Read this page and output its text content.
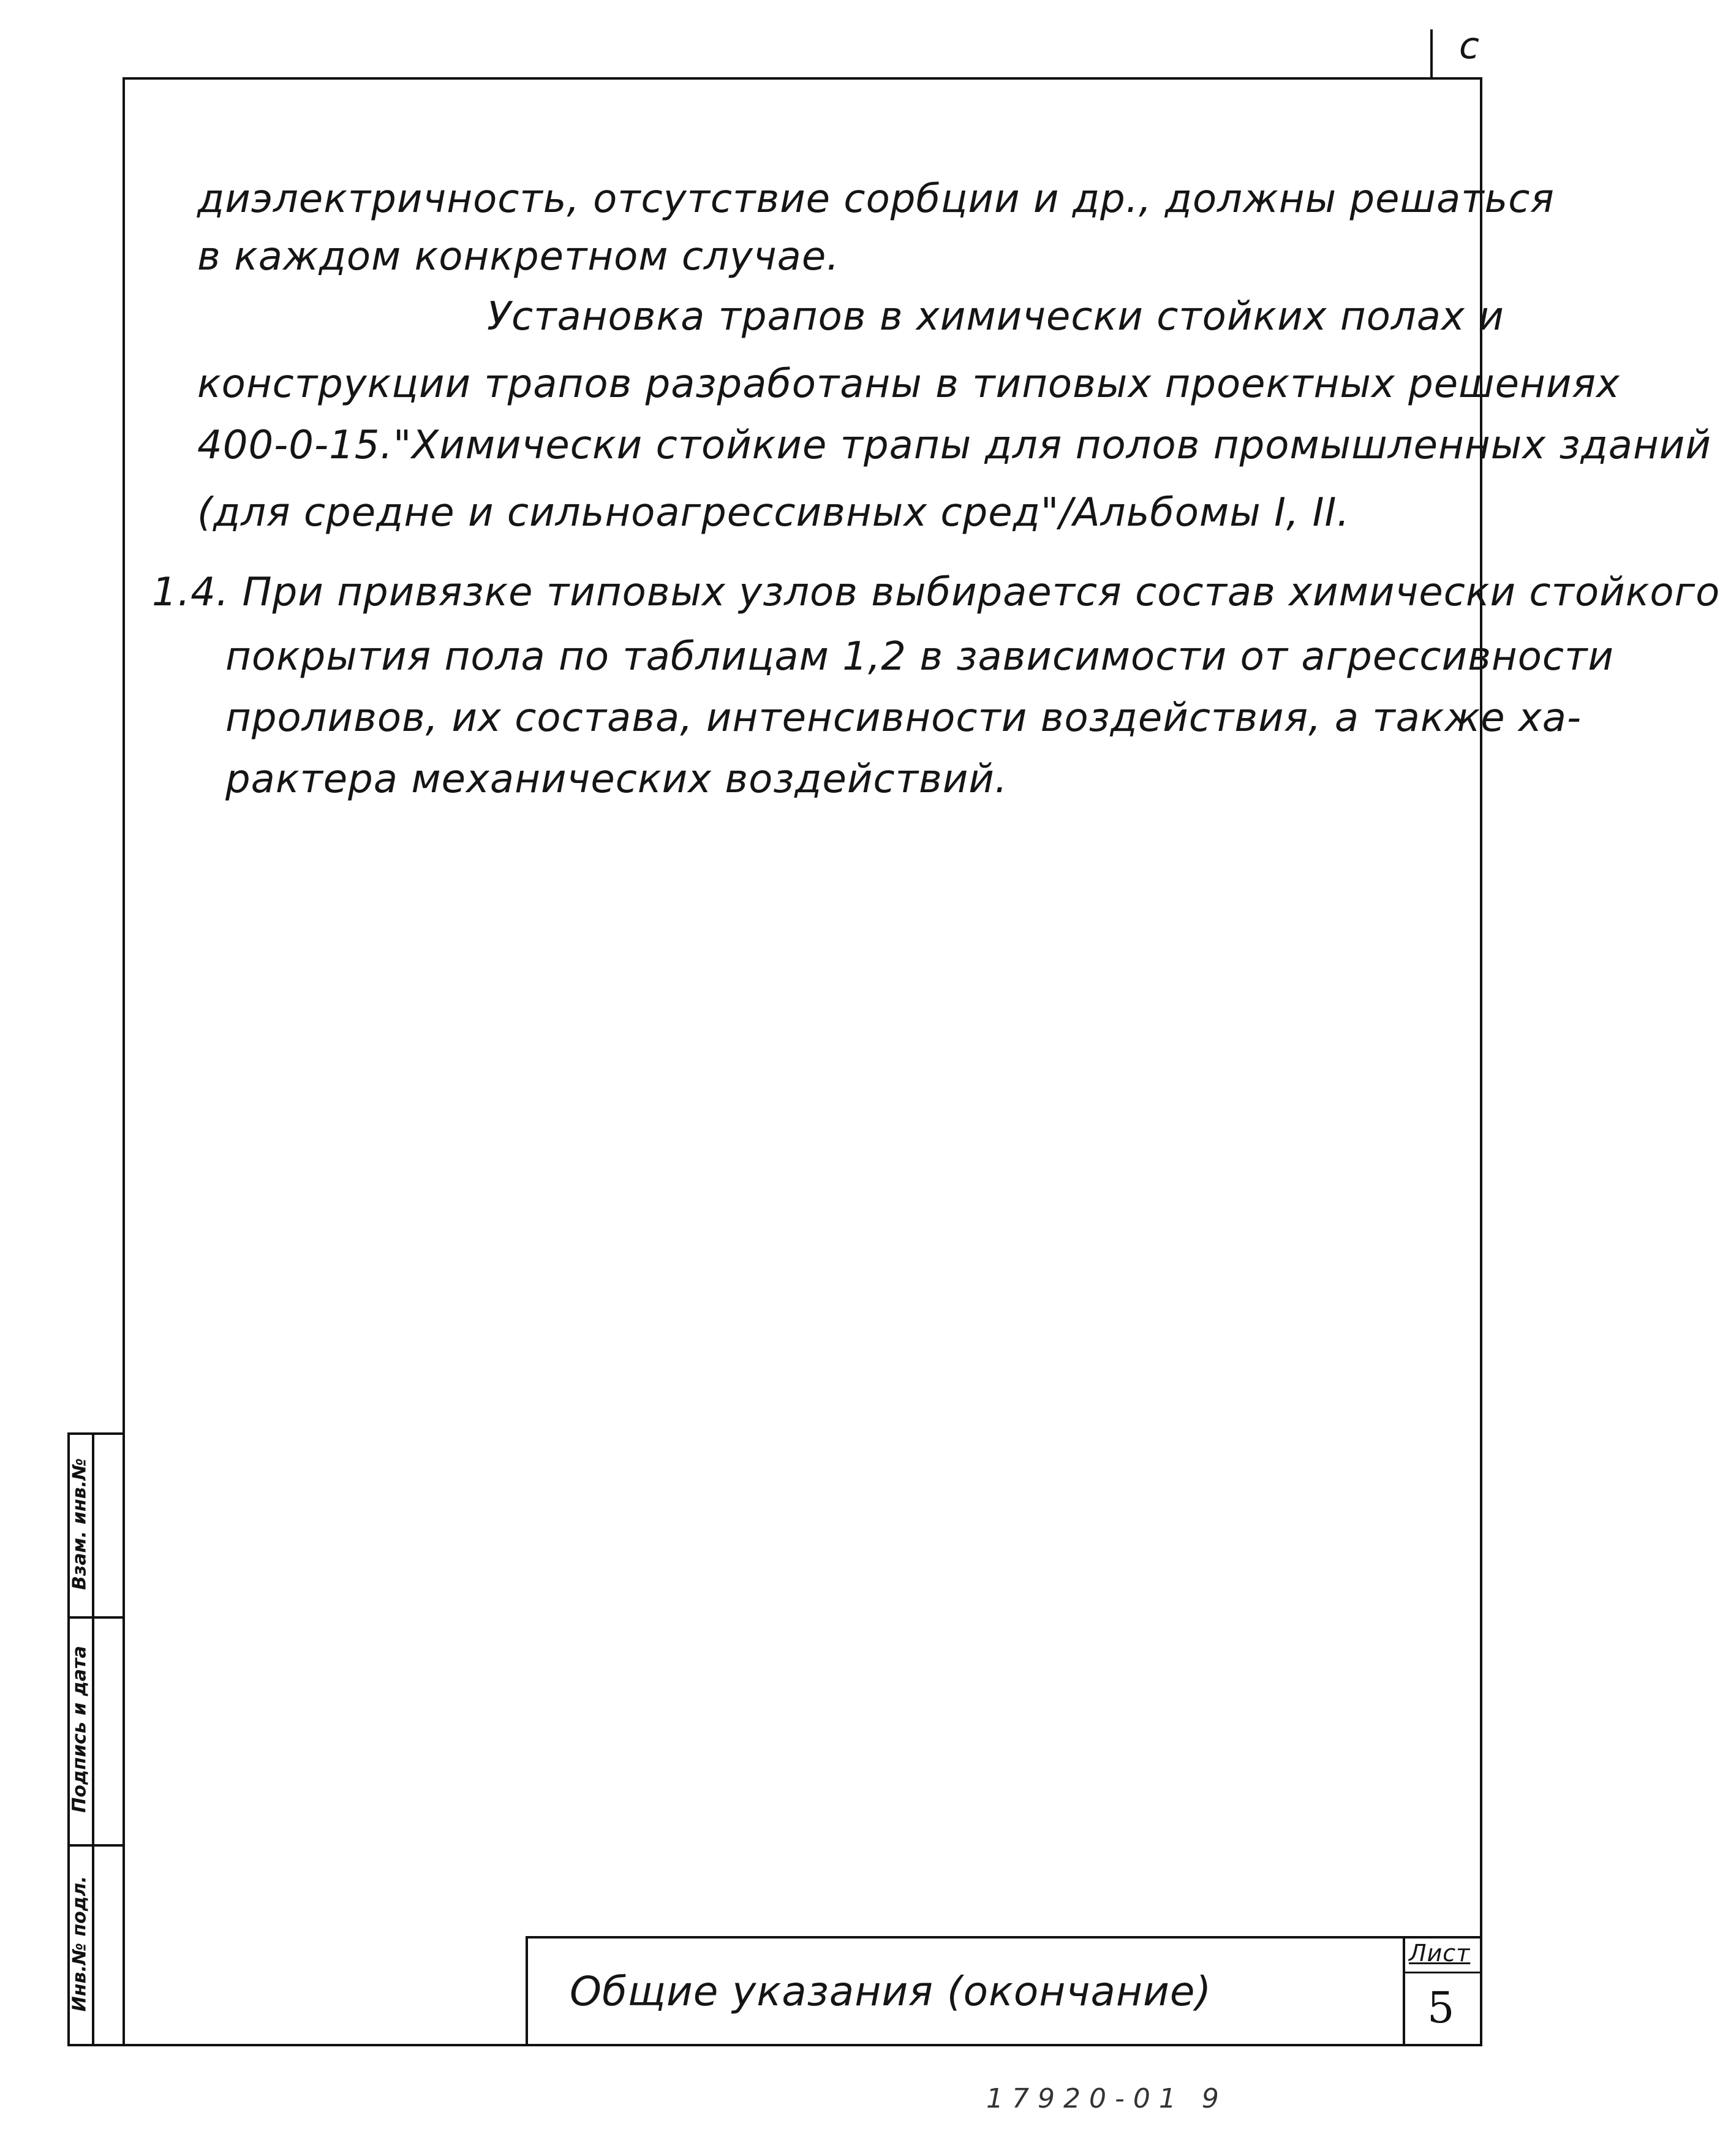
c
диэлектричность, отсутствие сорбции и др., должны решаться
в каждом конкретном случае.
Установка трапов в химически стойких полах и
конструкции трапов разработаны в типовых проектных решениях
400-0-15."Химически стойкие трапы для полов промышленных зданий
(для средне и сильноагрессивных сред"/Альбомы I, II.
1.4. При привязке типовых узлов выбирается состав химически стойкого
покрытия пола по таблицам 1,2 в зависимости от агрессивности
проливов, их состава, интенсивности воздействия, а также ха-
рактера механических воздействий.
Взам. инв.№
Подпись и дата
Инв.№ подл.	Общие указания (окончание)
Лист
5
17920-01 9
